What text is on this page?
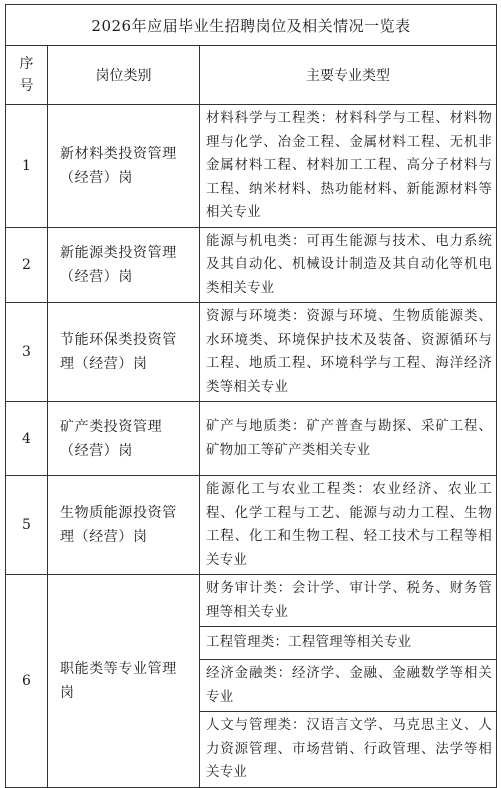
2026年应届毕业生招聘岗位及相关情况一览表		

序号	岗位类别	主要专业类型
1	新材料类投资管理（经营）岗	材料科学与工程类：材料科学与工程、材料物理与化学、冶金工程、金属材料工程、无机非金属材料工程、材料加工工程、高分子材料与工程、纳米材料、热功能材料、新能源材料等相关专业
2	新能源类投资管理（经营）岗	能源与机电类：可再生能源与技术、电力系统及其自动化、机械设计制造及其自动化等机电类相关专业
3	节能环保类投资管理（经营）岗	资源与环境类：资源与环境、生物质能源类、水环境类、环境保护技术及装备、资源循环与工程、地质工程、环境科学与工程、海洋经济类等相关专业
4	矿产类投资管理（经营）岗	矿产与地质类：矿产普查与勘探、采矿工程、矿物加工等矿产类相关专业
5	生物质能源投资管理（经营）岗	能源化工与农业工程类：农业经济、农业工程、化学工程与工艺、能源与动力工程、生物工程、化工和生物工程、轻工技术与工程等相关专业
6	职能类等专业管理岗	财务审计类：会计学、审计学、税务、财务管理等相关专业
		工程管理类：工程管理等相关专业
		经济金融类：经济学、金融、金融数学等相关专业
		人文与管理类：汉语言文学、马克思主义、人力资源管理、市场营销、行政管理、法学等相关专业
